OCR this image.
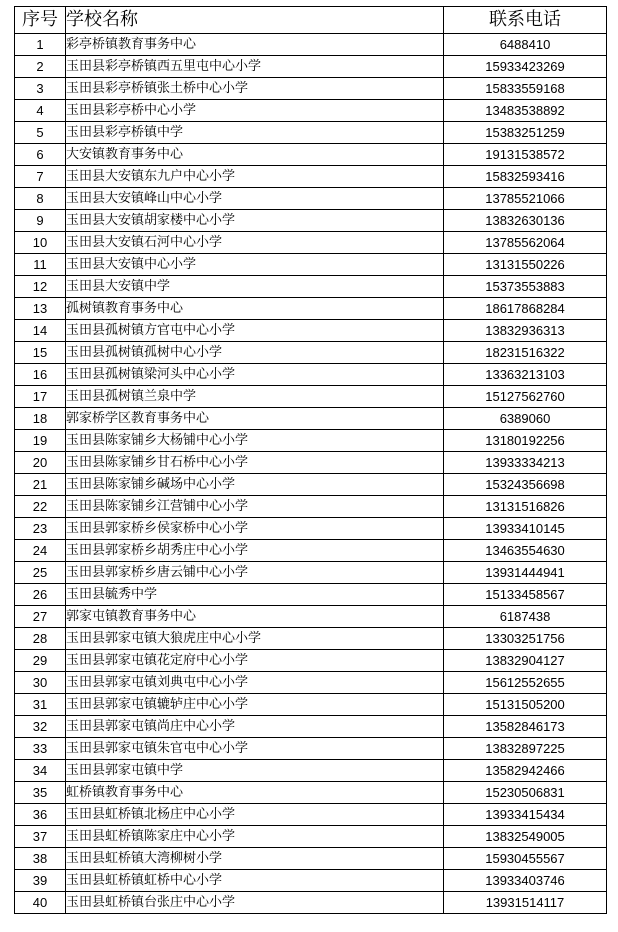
序号	学校名称	联系电话
1	彩亭桥镇教育事务中心	6488410
2	玉田县彩亭桥镇西五里屯中心小学	15933423269
3	玉田县彩亭桥镇张土桥中心小学	15833559168
4	玉田县彩亭桥中心小学	13483538892
5	玉田县彩亭桥镇中学	15383251259
6	大安镇教育事务中心	19131538572
7	玉田县大安镇东九户中心小学	15832593416
8	玉田县大安镇峰山中心小学	13785521066
9	玉田县大安镇胡家楼中心小学	13832630136
10	玉田县大安镇石河中心小学	13785562064
11	玉田县大安镇中心小学	13131550226
12	玉田县大安镇中学	15373553883
13	孤树镇教育事务中心	18617868284
14	玉田县孤树镇方官屯中心小学	13832936313
15	玉田县孤树镇孤树中心小学	18231516322
16	玉田县孤树镇梁河头中心小学	13363213103
17	玉田县孤树镇兰泉中学	15127562760
18	郭家桥学区教育事务中心	6389060
19	玉田县陈家铺乡大杨铺中心小学	13180192256
20	玉田县陈家铺乡甘石桥中心小学	13933334213
21	玉田县陈家铺乡碱场中心小学	15324356698
22	玉田县陈家铺乡江营铺中心小学	13131516826
23	玉田县郭家桥乡侯家桥中心小学	13933410145
24	玉田县郭家桥乡胡秀庄中心小学	13463554630
25	玉田县郭家桥乡唐云铺中心小学	13931444941
26	玉田县毓秀中学	15133458567
27	郭家屯镇教育事务中心	6187438
28	玉田县郭家屯镇大狼虎庄中心小学	13303251756
29	玉田县郭家屯镇花定府中心小学	13832904127
30	玉田县郭家屯镇刘典屯中心小学	15612552655
31	玉田县郭家屯镇辘轳庄中心小学	15131505200
32	玉田县郭家屯镇尚庄中心小学	13582846173
33	玉田县郭家屯镇朱官屯中心小学	13832897225
34	玉田县郭家屯镇中学	13582942466
35	虹桥镇教育事务中心	15230506831
36	玉田县虹桥镇北杨庄中心小学	13933415434
37	玉田县虹桥镇陈家庄中心小学	13832549005
38	玉田县虹桥镇大湾柳树小学	15930455567
39	玉田县虹桥镇虹桥中心小学	13933403746
40	玉田县虹桥镇台张庄中心小学	13931514117
